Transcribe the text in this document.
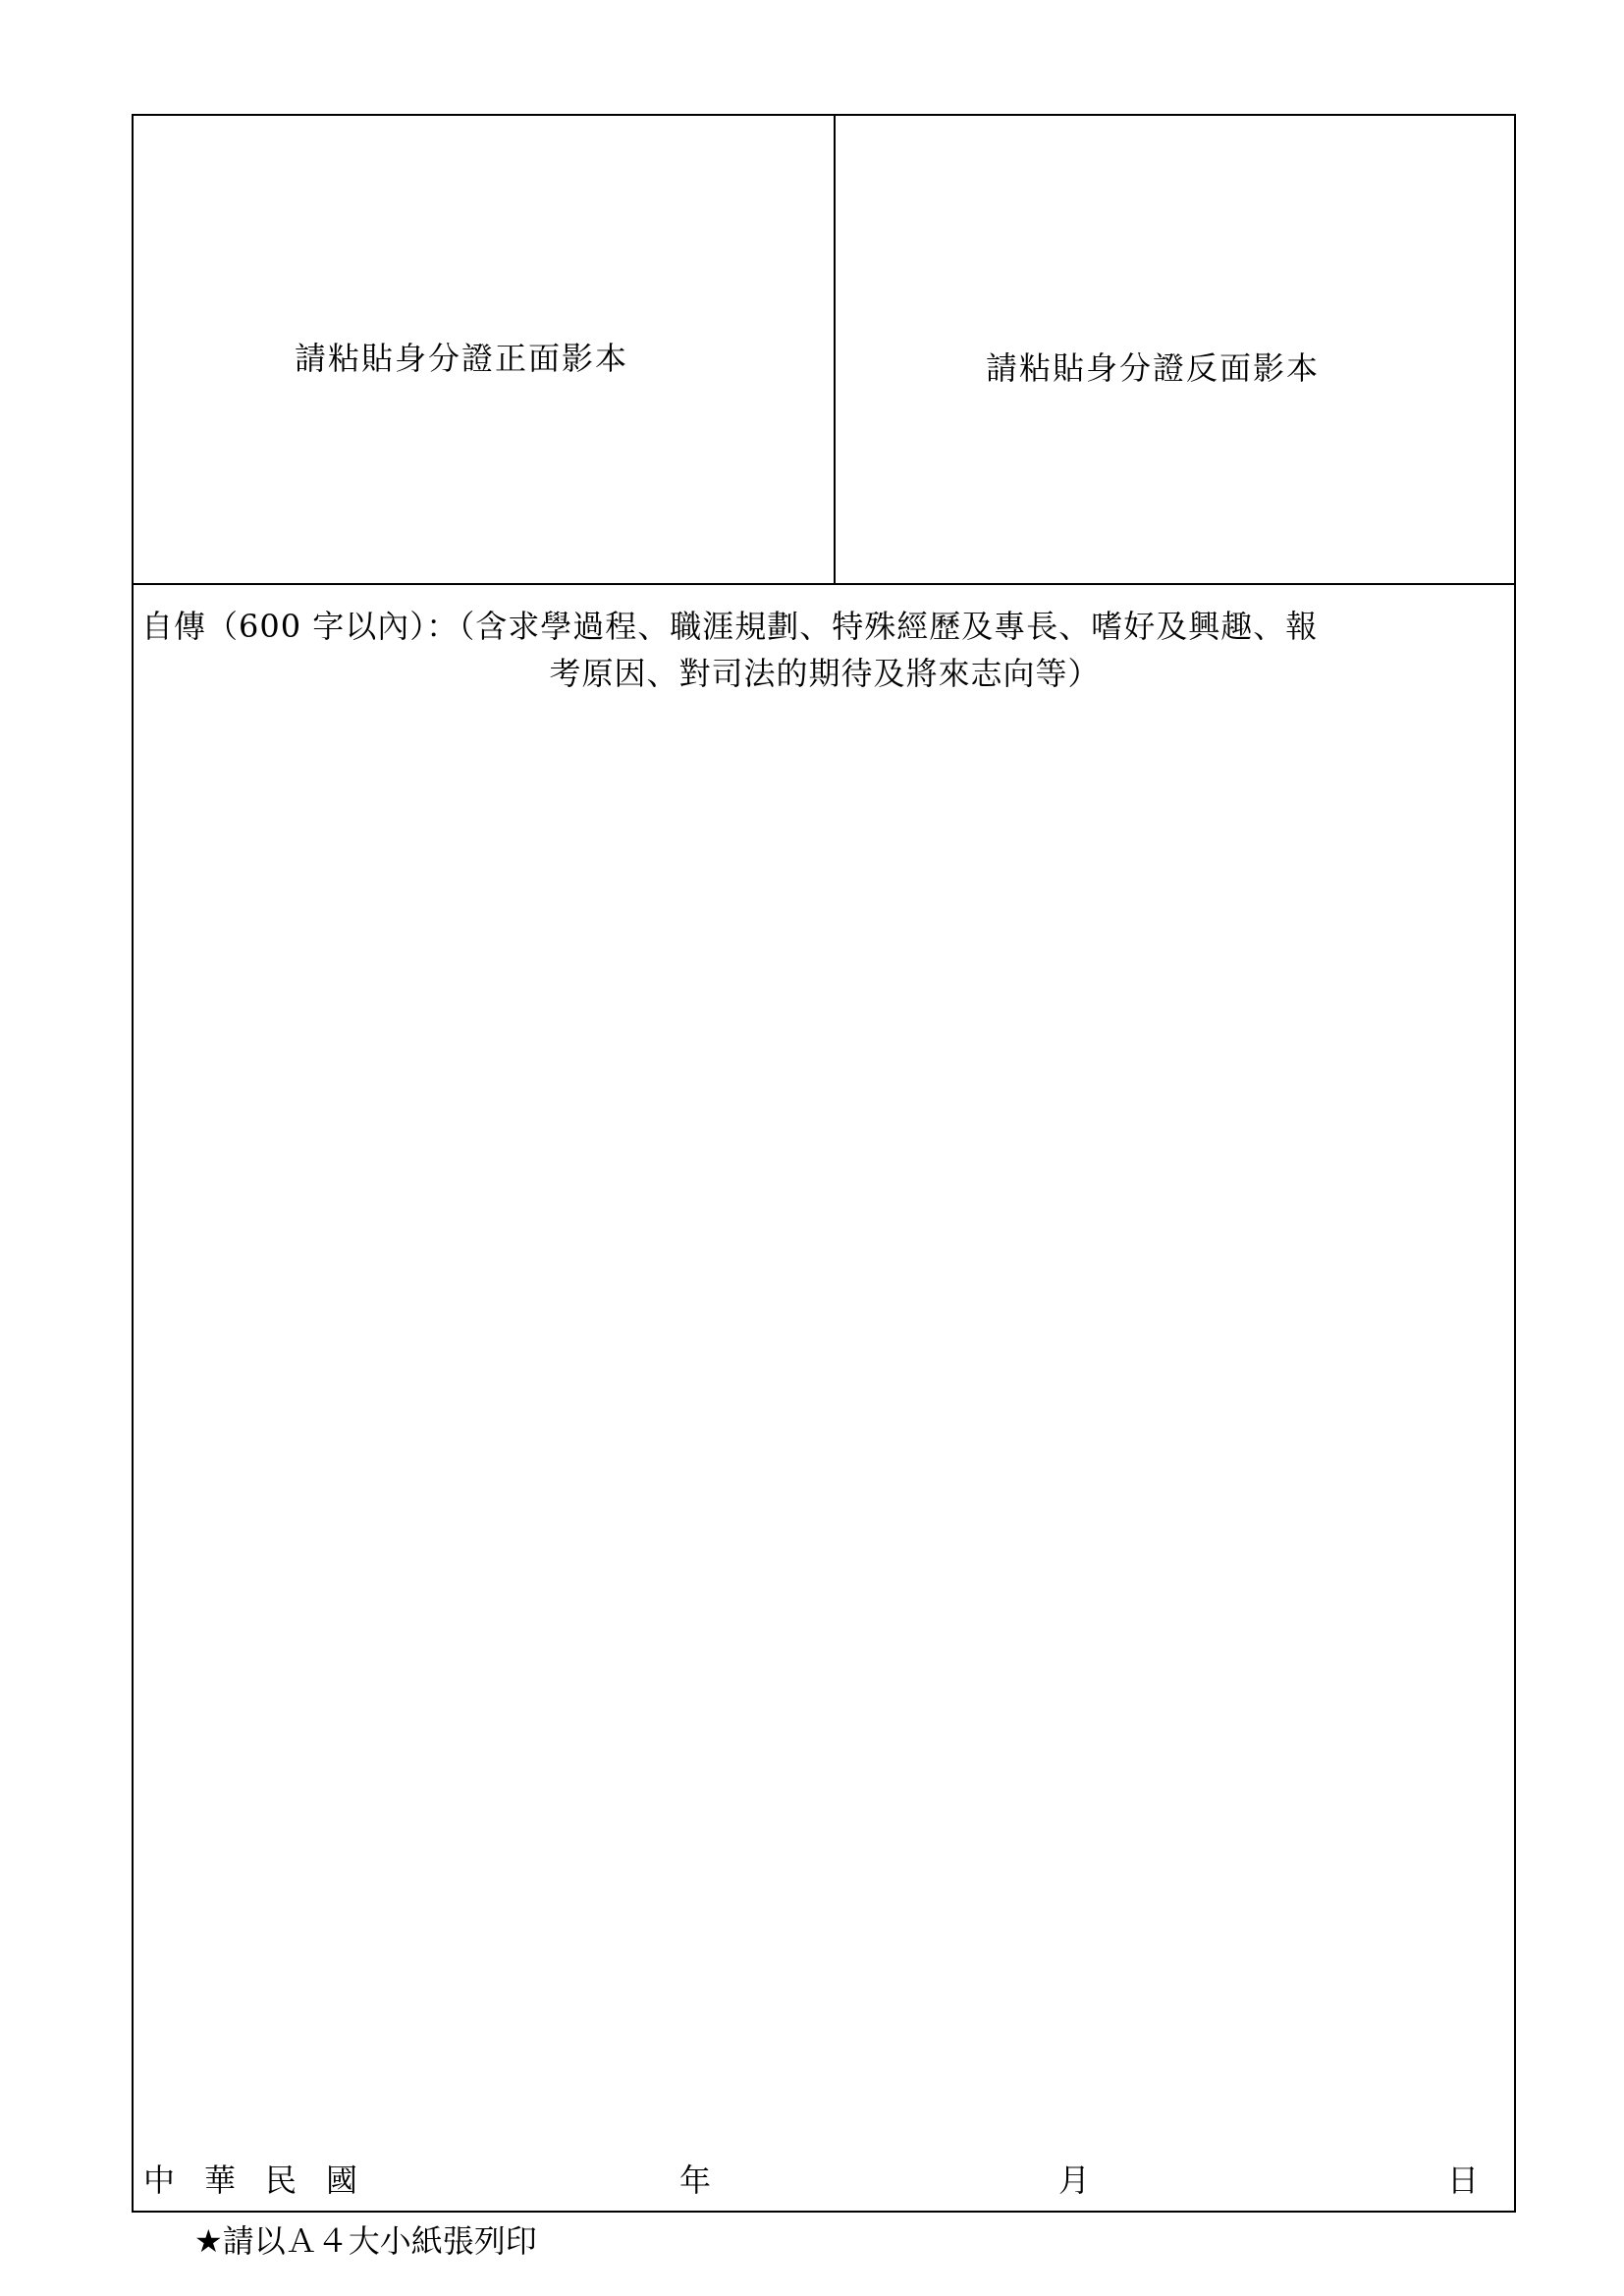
請粘貼身分證正面影本	請粘貼身分證反面影本
自傳（600 字以內）：（含求學過程、職涯規劃、特殊經歷及專長、嗜好及興趣、報
考原因、對司法的期待及將來志向等）
中華民國	年	月	日
★請以Ａ４大小紙張列印
